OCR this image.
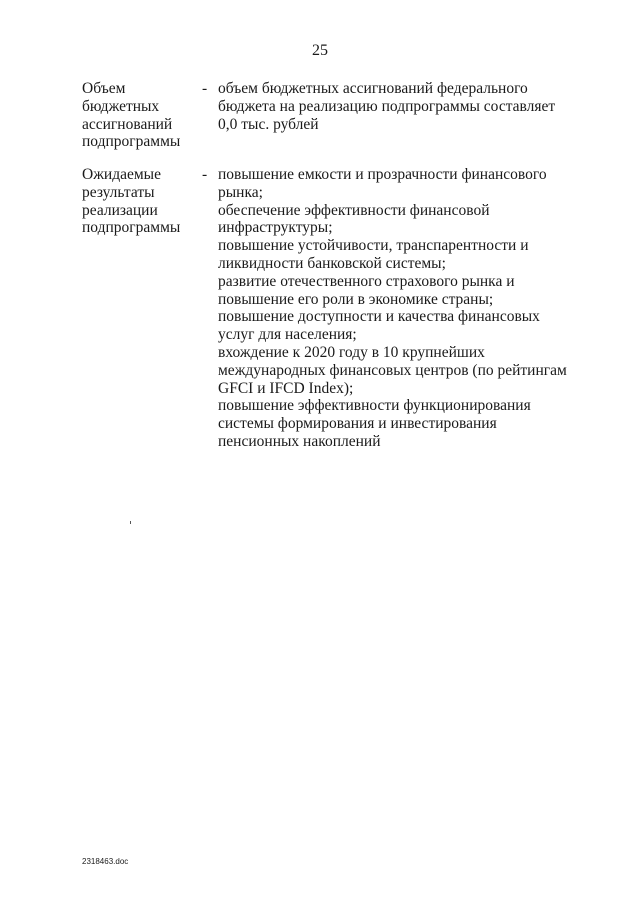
25
Объем
бюджетных
ассигнований
подпрограммы
- объем бюджетных ассигнований федерального
бюджета на реализацию подпрограммы составляет
0,0 тыс. рублей
Ожидаемые
результаты
реализации
подпрограммы
- повышение емкости и прозрачности финансового
рынка;
обеспечение эффективности финансовой
инфраструктуры;
повышение устойчивости, транспарентности и
ликвидности банковской системы;
развитие отечественного страхового рынка и
повышение его роли в экономике страны;
повышение доступности и качества финансовых
услуг для населения;
вхождение к 2020 году в 10 крупнейших
международных финансовых центров (по рейтингам
GFCI и IFCD Index);
повышение эффективности функционирования
системы формирования и инвестирования
пенсионных накоплений
2318463.doc
